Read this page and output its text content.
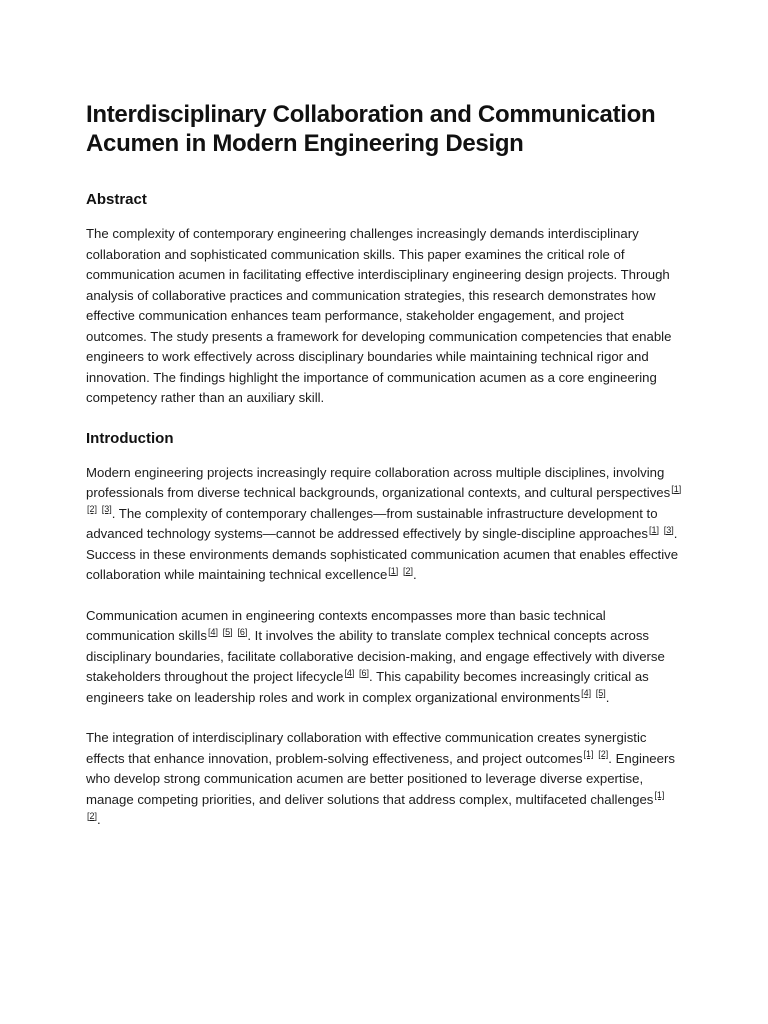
Interdisciplinary Collaboration and Communication Acumen in Modern Engineering Design
Abstract

The complexity of contemporary engineering challenges increasingly demands interdisciplinary collaboration and sophisticated communication skills. This paper examines the critical role of communication acumen in facilitating effective interdisciplinary engineering design projects. Through analysis of collaborative practices and communication strategies, this research demonstrates how effective communication enhances team performance, stakeholder engagement, and project outcomes. The study presents a framework for developing communication competencies that enable engineers to work effectively across disciplinary boundaries while maintaining technical rigor and innovation. The findings highlight the importance of communication acumen as a core engineering competency rather than an auxiliary skill.

Introduction

Modern engineering projects increasingly require collaboration across multiple disciplines, involving professionals from diverse technical backgrounds, organizational contexts, and cultural perspectives[1] [2] [3]. The complexity of contemporary challenges—from sustainable infrastructure development to advanced technology systems—cannot be addressed effectively by single-discipline approaches[1] [3]. Success in these environments demands sophisticated communication acumen that enables effective collaboration while maintaining technical excellence[1] [2].

Communication acumen in engineering contexts encompasses more than basic technical communication skills[4] [5] [6]. It involves the ability to translate complex technical concepts across disciplinary boundaries, facilitate collaborative decision-making, and engage effectively with diverse stakeholders throughout the project lifecycle[4] [6]. This capability becomes increasingly critical as engineers take on leadership roles and work in complex organizational environments[4] [5].

The integration of interdisciplinary collaboration with effective communication creates synergistic effects that enhance innovation, problem-solving effectiveness, and project outcomes[1] [2]. Engineers who develop strong communication acumen are better positioned to leverage diverse expertise, manage competing priorities, and deliver solutions that address complex, multifaceted challenges[1] [2].
